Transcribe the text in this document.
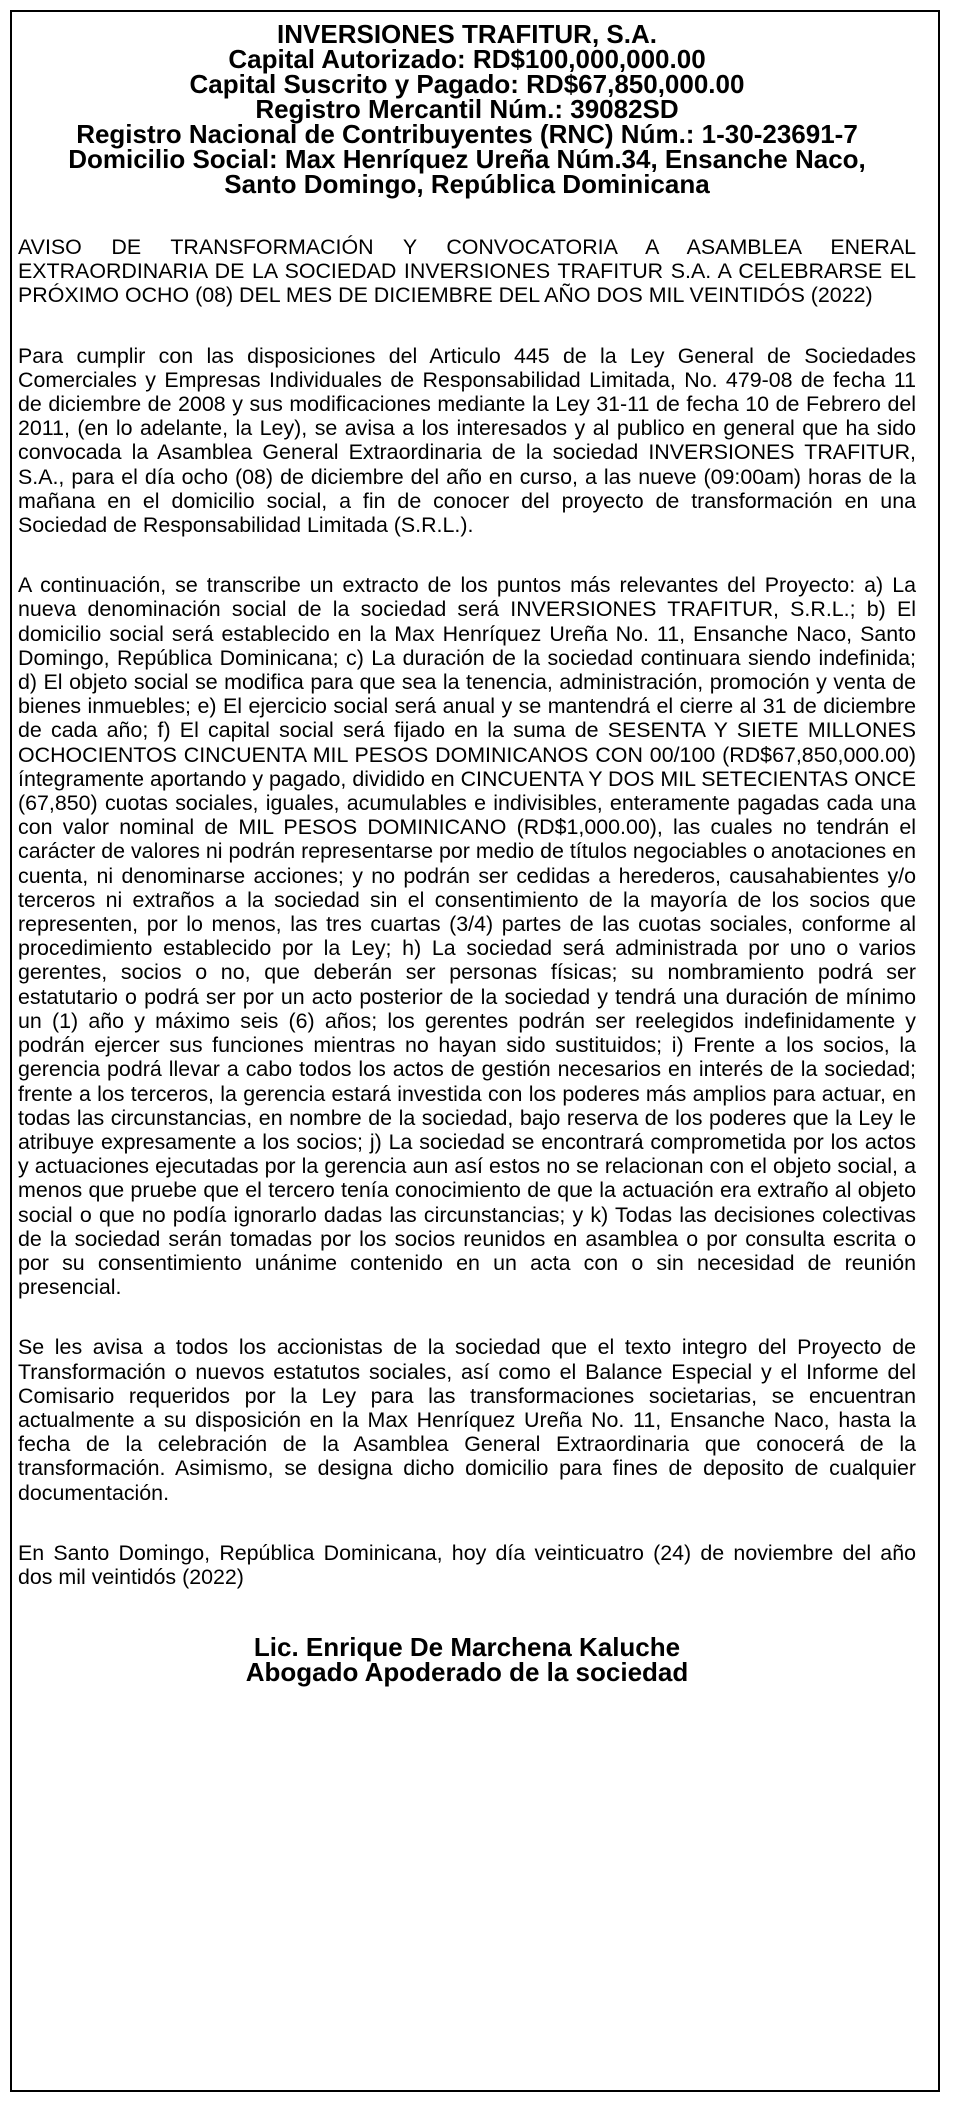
INVERSIONES TRAFITUR, S.A.
Capital Autorizado: RD$100,000,000.00
Capital Suscrito y Pagado: RD$67,850,000.00
Registro Mercantil Núm.: 39082SD
Registro Nacional de Contribuyentes (RNC) Núm.: 1-30-23691-7
Domicilio Social: Max Henríquez Ureña Núm.34, Ensanche Naco,
Santo Domingo, República Dominicana

AVISO DE TRANSFORMACIÓN Y CONVOCATORIA A ASAMBLEA ENERAL EXTRAORDINARIA DE LA SOCIEDAD INVERSIONES TRAFITUR S.A. A CELEBRARSE EL PRÓXIMO OCHO (08) DEL MES DE DICIEMBRE DEL AÑO DOS MIL VEINTIDÓS (2022)

Para cumplir con las disposiciones del Articulo 445 de la Ley General de Sociedades Comerciales y Empresas Individuales de Responsabilidad Limitada, No. 479-08 de fecha 11 de diciembre de 2008 y sus modificaciones mediante la Ley 31-11 de fecha 10 de Febrero del 2011, (en lo adelante, la Ley), se avisa a los interesados y al publico en general que ha sido convocada la Asamblea General Extraordinaria de la sociedad INVERSIONES TRAFITUR, S.A., para el día ocho (08) de diciembre del año en curso, a las nueve (09:00am) horas de la mañana en el domicilio social, a fin de conocer del proyecto de transformación en una Sociedad de Responsabilidad Limitada (S.R.L.).

A continuación, se transcribe un extracto de los puntos más relevantes del Proyecto: a) La nueva denominación social de la sociedad será INVERSIONES TRAFITUR, S.R.L.; b) El domicilio social será establecido en la Max Henríquez Ureña No. 11, Ensanche Naco, Santo Domingo, República Dominicana; c) La duración de la sociedad continuara siendo indefinida; d) El objeto social se modifica para que sea la tenencia, administración, promoción y venta de bienes inmuebles; e) El ejercicio social será anual y se mantendrá el cierre al 31 de diciembre de cada año; f) El capital social será fijado en la suma de SESENTA Y SIETE MILLONES OCHOCIENTOS CINCUENTA MIL PESOS DOMINICANOS CON 00/100 (RD$67,850,000.00) íntegramente aportando y pagado, dividido en CINCUENTA Y DOS MIL SETECIENTAS ONCE (67,850) cuotas sociales, iguales, acumulables e indivisibles, enteramente pagadas cada una con valor nominal de MIL PESOS DOMINICANO (RD$1,000.00), las cuales no tendrán el carácter de valores ni podrán representarse por medio de títulos negociables o anotaciones en cuenta, ni denominarse acciones; y no podrán ser cedidas a herederos, causahabientes y/o terceros ni extraños a la sociedad sin el consentimiento de la mayoría de los socios que representen, por lo menos, las tres cuartas (3/4) partes de las cuotas sociales, conforme al procedimiento establecido por la Ley; h) La sociedad será administrada por uno o varios gerentes, socios o no, que deberán ser personas físicas; su nombramiento podrá ser estatutario o podrá ser por un acto posterior de la sociedad y tendrá una duración de mínimo un (1) año y máximo seis (6) años; los gerentes podrán ser reelegidos indefinidamente y podrán ejercer sus funciones mientras no hayan sido sustituidos; i) Frente a los socios, la gerencia podrá llevar a cabo todos los actos de gestión necesarios en interés de la sociedad; frente a los terceros, la gerencia estará investida con los poderes más amplios para actuar, en todas las circunstancias, en nombre de la sociedad, bajo reserva de los poderes que la Ley le atribuye expresamente a los socios; j) La sociedad se encontrará comprometida por los actos y actuaciones ejecutadas por la gerencia aun así estos no se relacionan con el objeto social, a menos que pruebe que el tercero tenía conocimiento de que la actuación era extraño al objeto social o que no podía ignorarlo dadas las circunstancias; y k) Todas las decisiones colectivas de la sociedad serán tomadas por los socios reunidos en asamblea o por consulta escrita o por su consentimiento unánime contenido en un acta con o sin necesidad de reunión presencial.

Se les avisa a todos los accionistas de la sociedad que el texto integro del Proyecto de Transformación o nuevos estatutos sociales, así como el Balance Especial y el Informe del Comisario requeridos por la Ley para las transformaciones societarias, se encuentran actualmente a su disposición en la Max Henríquez Ureña No. 11, Ensanche Naco, hasta la fecha de la celebración de la Asamblea General Extraordinaria que conocerá de la transformación. Asimismo, se designa dicho domicilio para fines de deposito de cualquier documentación.

En Santo Domingo, República Dominicana, hoy día veinticuatro (24) de noviembre del año dos mil veintidós (2022)

Lic. Enrique De Marchena Kaluche
Abogado Apoderado de la sociedad
